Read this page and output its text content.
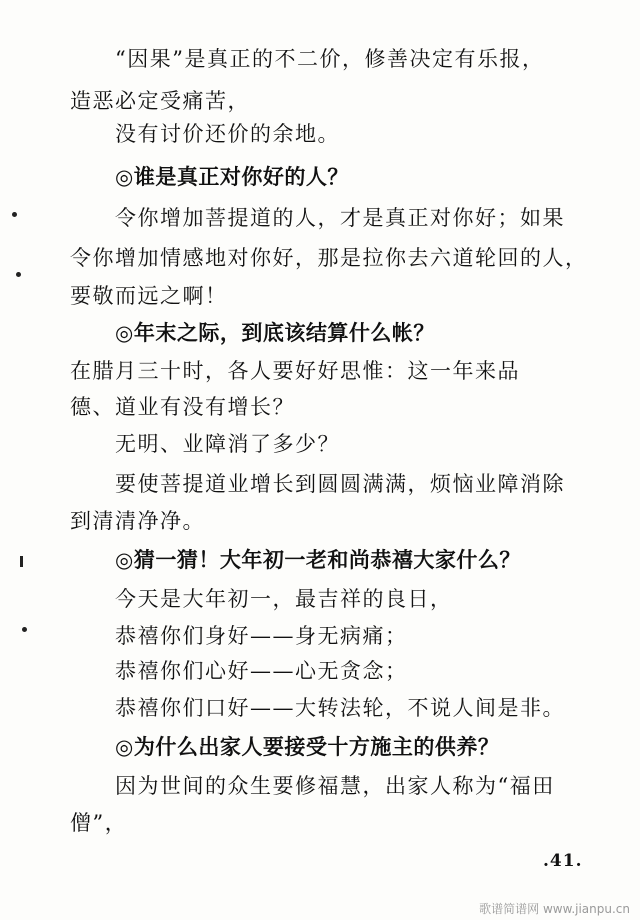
“因果”是真正的不二价，修善决定有乐报，
造恶必定受痛苦，
没有讨价还价的余地。
◎谁是真正对你好的人？
令你增加菩提道的人，才是真正对你好；如果
令你增加情感地对你好，那是拉你去六道轮回的人，
要敬而远之啊！
◎年末之际，到底该结算什么帐？
在腊月三十时，各人要好好思惟：这一年来品
德、道业有没有增长？
无明、业障消了多少？
要使菩提道业增长到圆圆满满，烦恼业障消除
到清清净净。
◎猜一猜！大年初一老和尚恭禧大家什么？
今天是大年初一，最吉祥的良日，
恭禧你们身好——身无病痛；
恭禧你们心好——心无贪念；
恭禧你们口好——大转法轮，不说人间是非。
◎为什么出家人要接受十方施主的供养？
因为世间的众生要修福慧，出家人称为“福田
僧”，
.41.
歌谱简谱网 www.jianpu.cn
